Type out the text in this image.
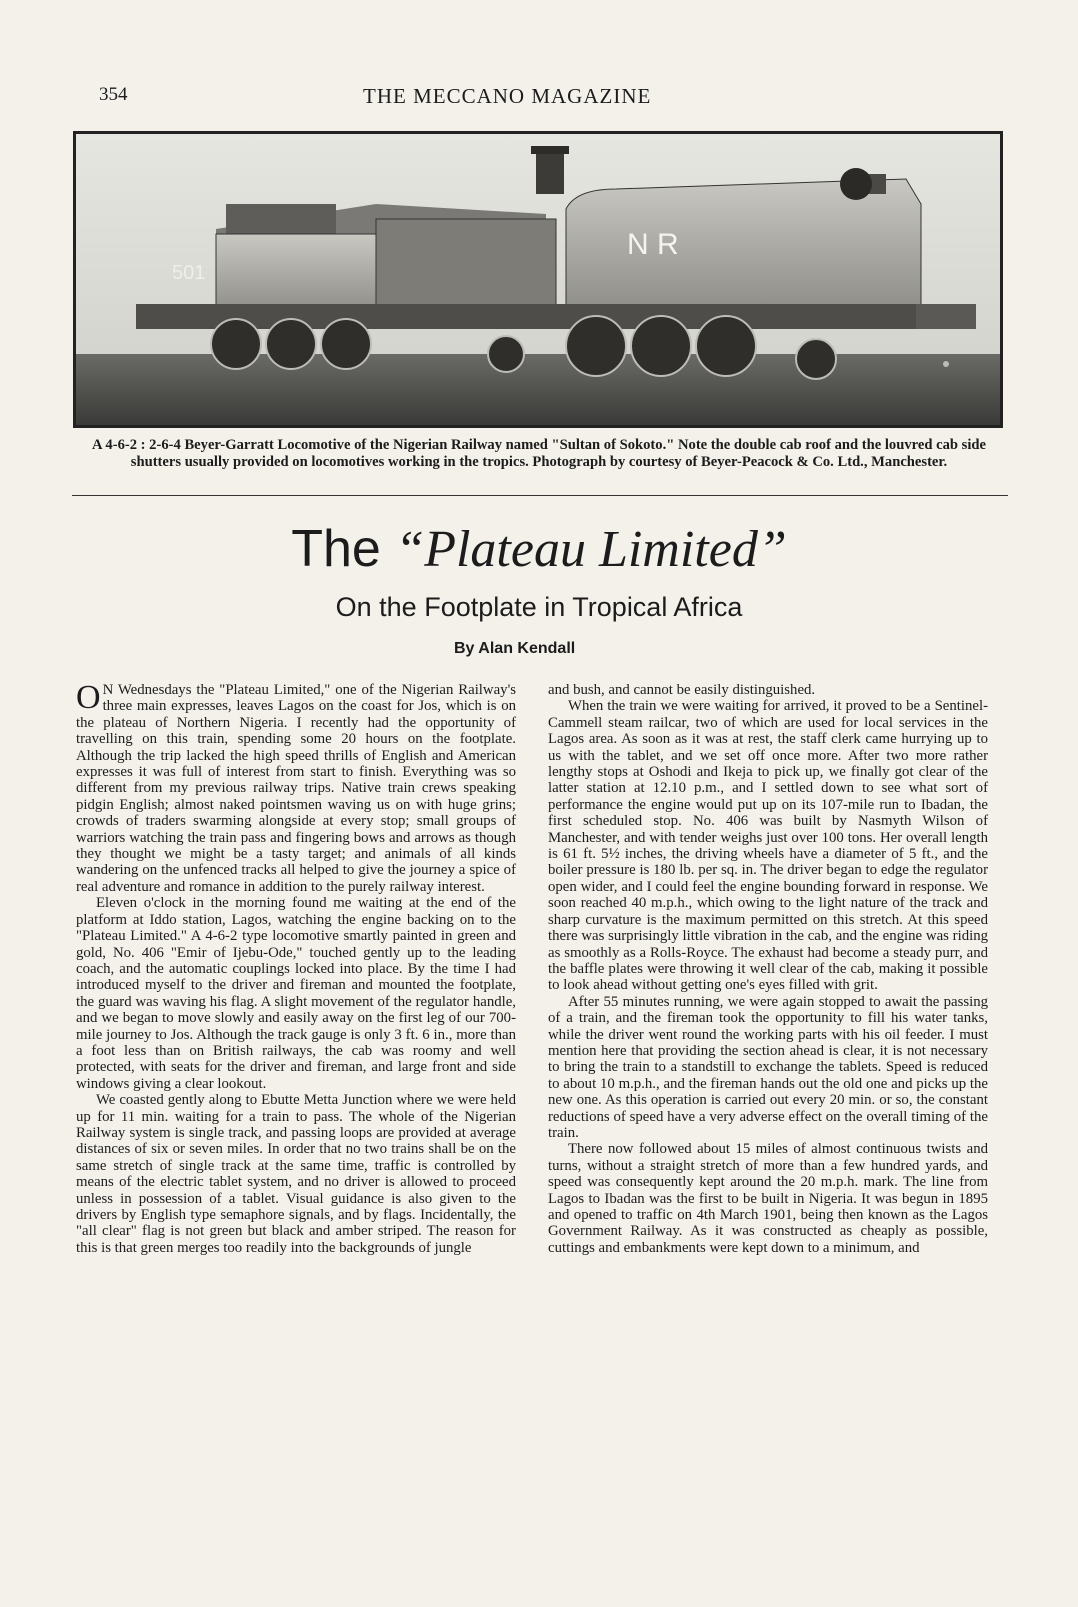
354	THE MECCANO MAGAZINE
N R
501

A 4-6-2 : 2-6-4 Beyer-Garratt Locomotive of the Nigerian Railway named "Sultan of Sokoto." Note the double cab roof and the louvred cab side shutters usually provided on locomotives working in the tropics. Photograph by courtesy of Beyer-Peacock & Co. Ltd., Manchester.

The “Plateau Limited”
On the Footplate in Tropical Africa
By Alan Kendall

O N Wednesdays the "Plateau Limited," one of the Nigerian Railway's three main expresses, leaves Lagos on the coast for Jos, which is on the plateau of Northern Nigeria. I recently had the opportunity of travelling on this train, spending some 20 hours on the footplate. Although the trip lacked the high speed thrills of English and American expresses it was full of interest from start to finish. Everything was so different from my previous railway trips. Native train crews speaking pidgin English; almost naked pointsmen waving us on with huge grins; crowds of traders swarming alongside at every stop; small groups of warriors watching the train pass and fingering bows and arrows as though they thought we might be a tasty target; and animals of all kinds wandering on the unfenced tracks all helped to give the journey a spice of real adventure and romance in addition to the purely railway interest.

Eleven o'clock in the morning found me waiting at the end of the platform at Iddo station, Lagos, watching the engine backing on to the "Plateau Limited." A 4-6-2 type locomotive smartly painted in green and gold, No. 406 "Emir of Ijebu-Ode," touched gently up to the leading coach, and the automatic couplings locked into place. By the time I had introduced myself to the driver and fireman and mounted the footplate, the guard was waving his flag. A slight movement of the regulator handle, and we began to move slowly and easily away on the first leg of our 700-mile journey to Jos. Although the track gauge is only 3 ft. 6 in., more than a foot less than on British railways, the cab was roomy and well protected, with seats for the driver and fireman, and large front and side windows giving a clear lookout.

We coasted gently along to Ebutte Metta Junction where we were held up for 11 min. waiting for a train to pass. The whole of the Nigerian Railway system is single track, and passing loops are provided at average distances of six or seven miles. In order that no two trains shall be on the same stretch of single track at the same time, traffic is controlled by means of the electric tablet system, and no driver is allowed to proceed unless in possession of a tablet. Visual guidance is also given to the drivers by English type semaphore signals, and by flags. Incidentally, the "all clear" flag is not green but black and amber striped. The reason for this is that green merges too readily into the backgrounds of jungle

and bush, and cannot be easily distinguished.

When the train we were waiting for arrived, it proved to be a Sentinel-Cammell steam railcar, two of which are used for local services in the Lagos area. As soon as it was at rest, the staff clerk came hurrying up to us with the tablet, and we set off once more. After two more rather lengthy stops at Oshodi and Ikeja to pick up, we finally got clear of the latter station at 12.10 p.m., and I settled down to see what sort of performance the engine would put up on its 107-mile run to Ibadan, the first scheduled stop. No. 406 was built by Nasmyth Wilson of Manchester, and with tender weighs just over 100 tons. Her overall length is 61 ft. 5½ inches, the driving wheels have a diameter of 5 ft., and the boiler pressure is 180 lb. per sq. in. The driver began to edge the regulator open wider, and I could feel the engine bounding forward in response. We soon reached 40 m.p.h., which owing to the light nature of the track and sharp curvature is the maximum permitted on this stretch. At this speed there was surprisingly little vibration in the cab, and the engine was riding as smoothly as a Rolls-Royce. The exhaust had become a steady purr, and the baffle plates were throwing it well clear of the cab, making it possible to look ahead without getting one's eyes filled with grit.

After 55 minutes running, we were again stopped to await the passing of a train, and the fireman took the opportunity to fill his water tanks, while the driver went round the working parts with his oil feeder. I must mention here that providing the section ahead is clear, it is not necessary to bring the train to a standstill to exchange the tablets. Speed is reduced to about 10 m.p.h., and the fireman hands out the old one and picks up the new one. As this operation is carried out every 20 min. or so, the constant reductions of speed have a very adverse effect on the overall timing of the train.

There now followed about 15 miles of almost continuous twists and turns, without a straight stretch of more than a few hundred yards, and speed was consequently kept around the 20 m.p.h. mark. The line from Lagos to Ibadan was the first to be built in Nigeria. It was begun in 1895 and opened to traffic on 4th March 1901, being then known as the Lagos Government Railway. As it was constructed as cheaply as possible, cuttings and embankments were kept down to a minimum, and
